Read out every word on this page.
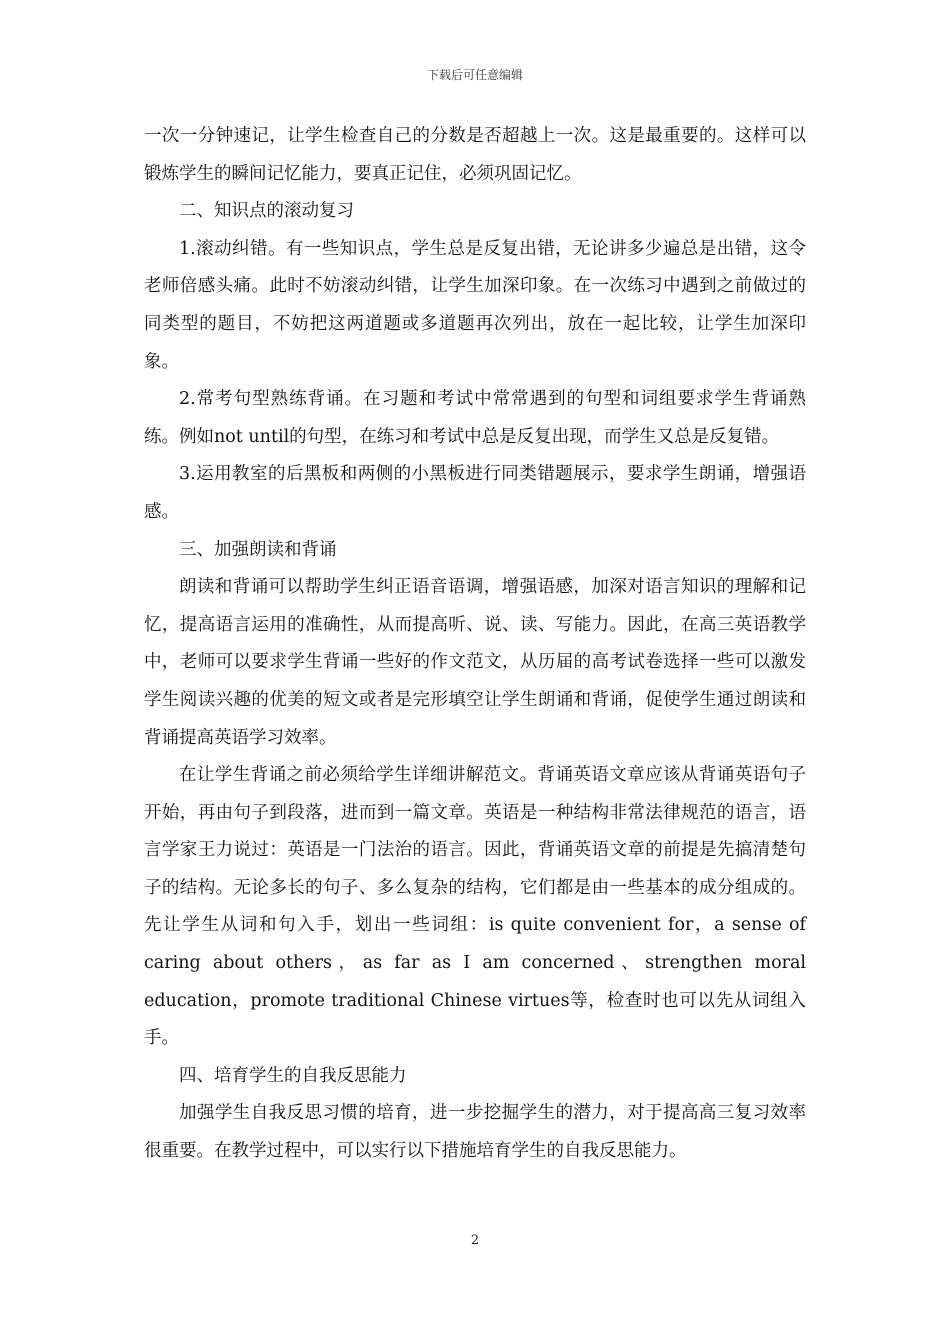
下载后可任意编辑

一次一分钟速记，让学生检查自己的分数是否超越上一次。这是最重要的。这样可以锻炼学生的瞬间记忆能力，要真正记住，必须巩固记忆。

二、知识点的滚动复习

1.滚动纠错。有一些知识点，学生总是反复出错，无论讲多少遍总是出错，这令老师倍感头痛。此时不妨滚动纠错，让学生加深印象。在一次练习中遇到之前做过的同类型的题目，不妨把这两道题或多道题再次列出，放在一起比较，让学生加深印象。

2.常考句型熟练背诵。在习题和考试中常常遇到的句型和词组要求学生背诵熟练。例如not until的句型，在练习和考试中总是反复出现，而学生又总是反复错。

3.运用教室的后黑板和两侧的小黑板进行同类错题展示，要求学生朗诵，增强语感。

三、加强朗读和背诵

朗读和背诵可以帮助学生纠正语音语调，增强语感，加深对语言知识的理解和记忆，提高语言运用的准确性，从而提高听、说、读、写能力。因此，在高三英语教学中，老师可以要求学生背诵一些好的作文范文，从历届的高考试卷选择一些可以激发学生阅读兴趣的优美的短文或者是完形填空让学生朗诵和背诵，促使学生通过朗读和背诵提高英语学习效率。

在让学生背诵之前必须给学生详细讲解范文。背诵英语文章应该从背诵英语句子开始，再由句子到段落，进而到一篇文章。英语是一种结构非常法律规范的语言，语言学家王力说过：英语是一门法治的语言。因此，背诵英语文章的前提是先搞清楚句子的结构。无论多长的句子、多么复杂的结构，它们都是由一些基本的成分组成的。先让学生从词和句入手，划出一些词组：is quite convenient for，a sense of caring about others，as far as I am concerned、strengthen moral education，promote traditional Chinese virtues等，检查时也可以先从词组入手。

四、培育学生的自我反思能力

加强学生自我反思习惯的培育，进一步挖掘学生的潜力，对于提高高三复习效率很重要。在教学过程中，可以实行以下措施培育学生的自我反思能力。

2
